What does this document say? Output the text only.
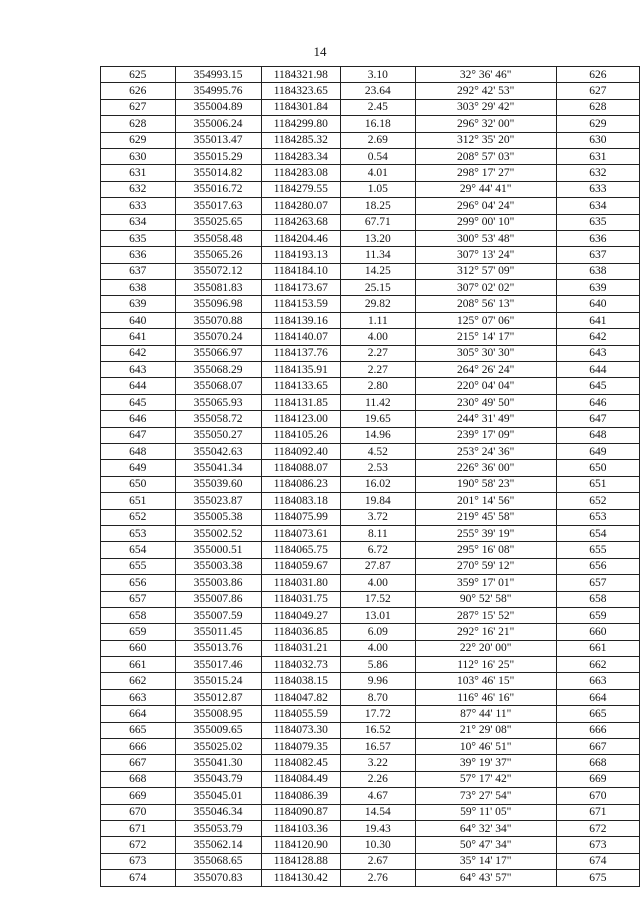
14
625	354993.15	1184321.98	3.10	32° 36' 46"	626
626	354995.76	1184323.65	23.64	292° 42' 53"	627
627	355004.89	1184301.84	2.45	303° 29' 42"	628
628	355006.24	1184299.80	16.18	296° 32' 00"	629
629	355013.47	1184285.32	2.69	312° 35' 20"	630
630	355015.29	1184283.34	0.54	208° 57' 03"	631
631	355014.82	1184283.08	4.01	298° 17' 27"	632
632	355016.72	1184279.55	1.05	29° 44' 41"	633
633	355017.63	1184280.07	18.25	296° 04' 24"	634
634	355025.65	1184263.68	67.71	299° 00' 10"	635
635	355058.48	1184204.46	13.20	300° 53' 48"	636
636	355065.26	1184193.13	11.34	307° 13' 24"	637
637	355072.12	1184184.10	14.25	312° 57' 09"	638
638	355081.83	1184173.67	25.15	307° 02' 02"	639
639	355096.98	1184153.59	29.82	208° 56' 13"	640
640	355070.88	1184139.16	1.11	125° 07' 06"	641
641	355070.24	1184140.07	4.00	215° 14' 17"	642
642	355066.97	1184137.76	2.27	305° 30' 30"	643
643	355068.29	1184135.91	2.27	264° 26' 24"	644
644	355068.07	1184133.65	2.80	220° 04' 04"	645
645	355065.93	1184131.85	11.42	230° 49' 50"	646
646	355058.72	1184123.00	19.65	244° 31' 49"	647
647	355050.27	1184105.26	14.96	239° 17' 09"	648
648	355042.63	1184092.40	4.52	253° 24' 36"	649
649	355041.34	1184088.07	2.53	226° 36' 00"	650
650	355039.60	1184086.23	16.02	190° 58' 23"	651
651	355023.87	1184083.18	19.84	201° 14' 56"	652
652	355005.38	1184075.99	3.72	219° 45' 58"	653
653	355002.52	1184073.61	8.11	255° 39' 19"	654
654	355000.51	1184065.75	6.72	295° 16' 08"	655
655	355003.38	1184059.67	27.87	270° 59' 12"	656
656	355003.86	1184031.80	4.00	359° 17' 01"	657
657	355007.86	1184031.75	17.52	90° 52' 58"	658
658	355007.59	1184049.27	13.01	287° 15' 52"	659
659	355011.45	1184036.85	6.09	292° 16' 21"	660
660	355013.76	1184031.21	4.00	22° 20' 00"	661
661	355017.46	1184032.73	5.86	112° 16' 25"	662
662	355015.24	1184038.15	9.96	103° 46' 15"	663
663	355012.87	1184047.82	8.70	116° 46' 16"	664
664	355008.95	1184055.59	17.72	87° 44' 11"	665
665	355009.65	1184073.30	16.52	21° 29' 08"	666
666	355025.02	1184079.35	16.57	10° 46' 51"	667
667	355041.30	1184082.45	3.22	39° 19' 37"	668
668	355043.79	1184084.49	2.26	57° 17' 42"	669
669	355045.01	1184086.39	4.67	73° 27' 54"	670
670	355046.34	1184090.87	14.54	59° 11' 05"	671
671	355053.79	1184103.36	19.43	64° 32' 34"	672
672	355062.14	1184120.90	10.30	50° 47' 34"	673
673	355068.65	1184128.88	2.67	35° 14' 17"	674
674	355070.83	1184130.42	2.76	64° 43' 57"	675
